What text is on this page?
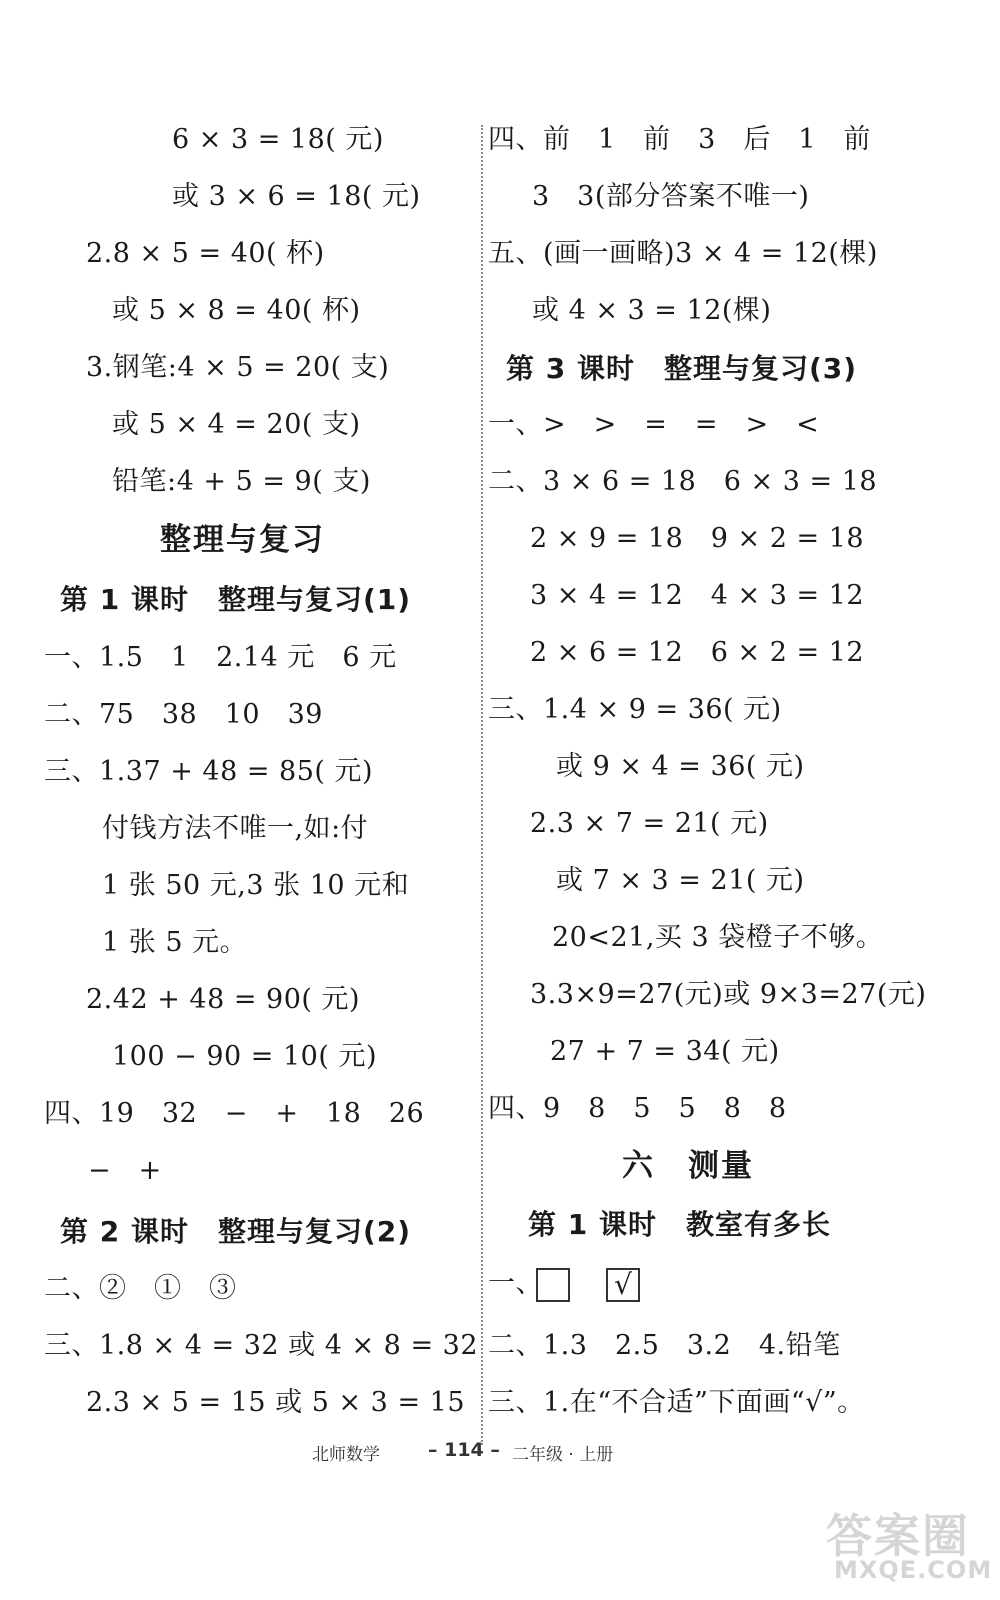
6 × 3 = 18( 元)
或 3 × 6 = 18( 元)
2.8 × 5 = 40( 杯)
或 5 × 8 = 40( 杯)
3.钢笔:4 × 5 = 20( 支)
或 5 × 4 = 20( 支)
铅笔:4 + 5 = 9( 支)
整理与复习
第 1 课时　整理与复习(1)
一、1.5　1　2.14 元　6 元
二、75　38　10　39
三、1.37 + 48 = 85( 元)
付钱方法不唯一,如:付
1 张 50 元,3 张 10 元和
1 张 5 元。
2.42 + 48 = 90( 元)
100 − 90 = 10( 元)
四、19　32　−　+　18　26
−　+
第 2 课时　整理与复习(2)
二、②　①　③
三、1.8 × 4 = 32 或 4 × 8 = 32
2.3 × 5 = 15 或 5 × 3 = 15
四、前　1　前　3　后　1　前
3　3(部分答案不唯一)
五、(画一画略)3 × 4 = 12(棵)
或 4 × 3 = 12(棵)
第 3 课时　整理与复习(3)
一、>　>　=　=　>　<
二、3 × 6 = 18　6 × 3 = 18
2 × 9 = 18　9 × 2 = 18
3 × 4 = 12　4 × 3 = 12
2 × 6 = 12　6 × 2 = 12
三、1.4 × 9 = 36( 元)
或 9 × 4 = 36( 元)
2.3 × 7 = 21( 元)
或 7 × 3 = 21( 元)
20<21,买 3 袋橙子不够。
3.3×9=27(元)或 9×3=27(元)
27 + 7 = 34( 元)
四、9　8　5　5　8　8
六　测量
第 1 课时　教室有多长
一、	√
二、1.3　2.5　3.2　4.铅笔
三、1.在“不合适”下面画“√”。
北师数学	– 114 – 二年级 · 上册
答案圈
MXQE.COM
